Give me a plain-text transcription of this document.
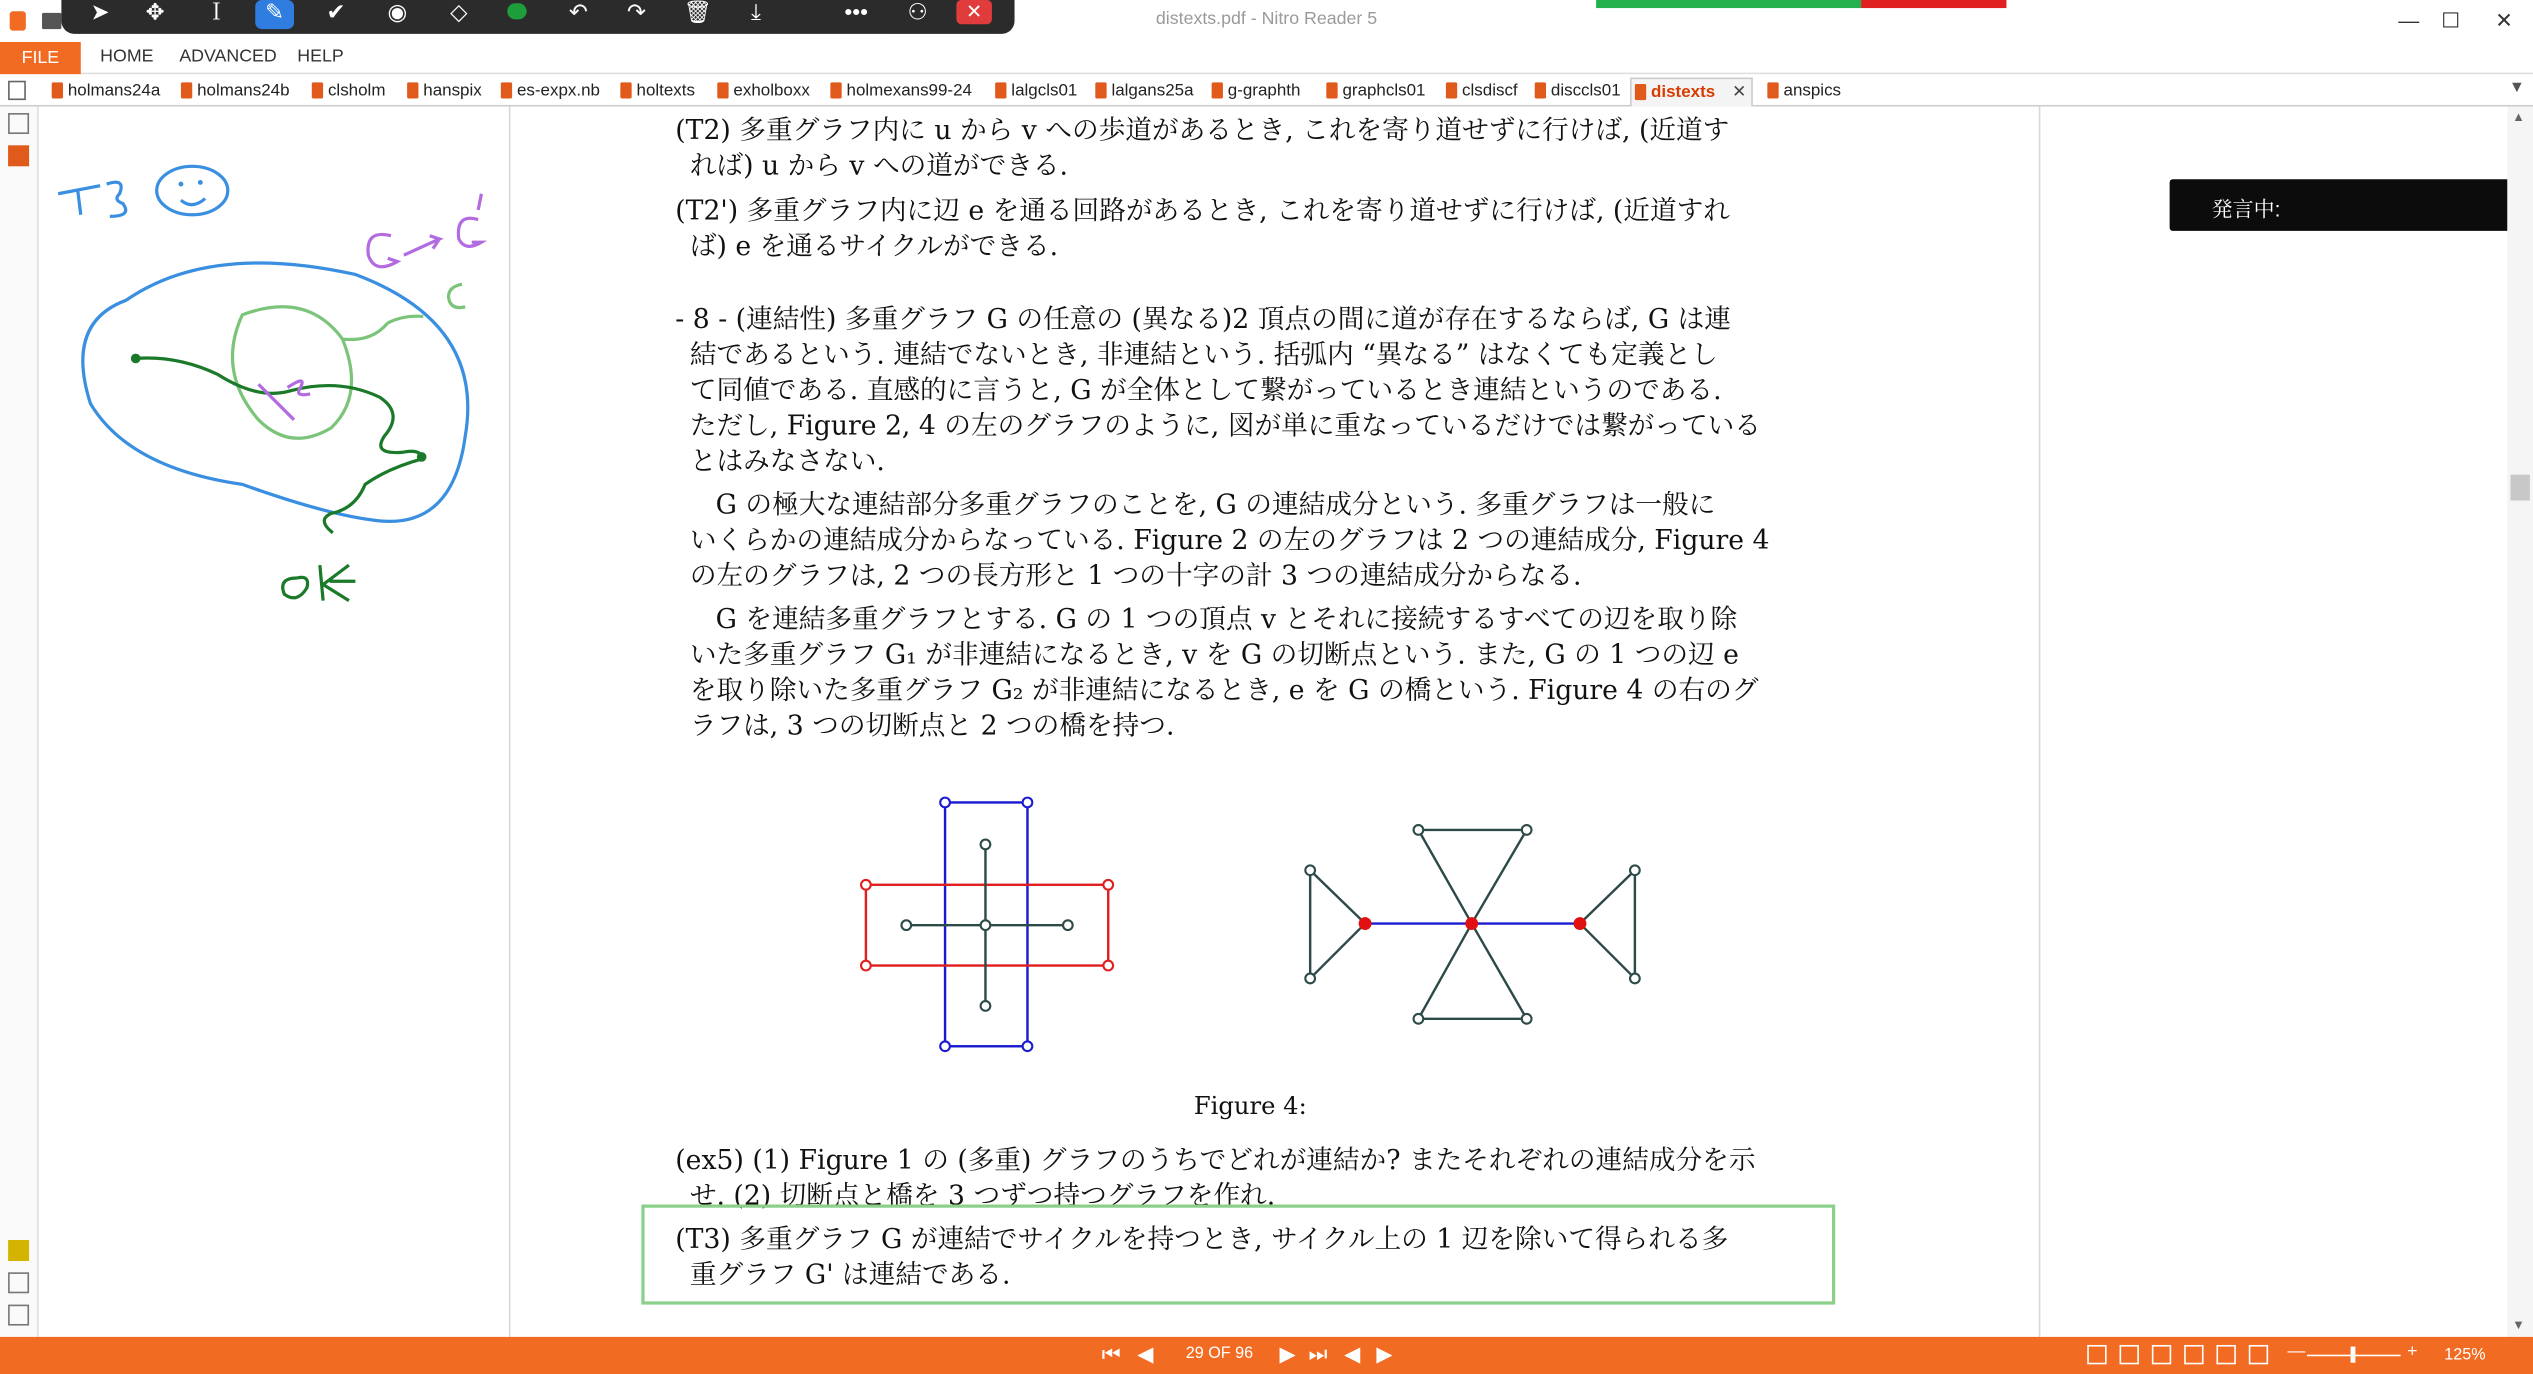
distexts.pdf - Nitro Reader 5	—	☐	✕
➤	✥	Ｉ	✎	✔	◉	◇	↶	↷	🗑	⤓	•••	⚇	✕
FILE	HOME ADVANCED HELP
holmans24a	holmans24b	clsholm	hanspix	es-expx.nb	holtexts	exholboxx	holmexans99-24	lalgcls01	lalgans25a	g-graphth	graphcls01	clsdiscf	disccls01	distexts ✕	anspics	▼
(T2) 多重グラフ内に u から v への歩道があるとき, これを寄り道せずに行けば, (近道す
れば) u から v への道ができる.
(T2') 多重グラフ内に辺 e を通る回路があるとき, これを寄り道せずに行けば, (近道すれ
ば) e を通るサイクルができる.
- 8 - (連結性) 多重グラフ G の任意の (異なる)2 頂点の間に道が存在するならば, G は連
結であるという. 連結でないとき, 非連結という. 括弧内 “異なる” はなくても定義とし
て同値である. 直感的に言うと, G が全体として繋がっているとき連結というのである.
ただし, Figure 2, 4 の左のグラフのように, 図が単に重なっているだけでは繋がっている
とはみなさない.
G の極大な連結部分多重グラフのことを, G の連結成分という. 多重グラフは一般に
いくらかの連結成分からなっている. Figure 2 の左のグラフは 2 つの連結成分, Figure 4
の左のグラフは, 2 つの長方形と 1 つの十字の計 3 つの連結成分からなる.
G を連結多重グラフとする. G の 1 つの頂点 v とそれに接続するすべての辺を取り除
いた多重グラフ G₁ が非連結になるとき, v を G の切断点という. また, G の 1 つの辺 e
を取り除いた多重グラフ G₂ が非連結になるとき, e を G の橋という. Figure 4 の右のグ
ラフは, 3 つの切断点と 2 つの橋を持つ.
Figure 4:
(ex5) (1) Figure 1 の (多重) グラフのうちでどれが連結か? またそれぞれの連結成分を示
せ. (2) 切断点と橋を 3 つずつ持つグラフを作れ.
(T3) 多重グラフ G が連結でサイクルを持つとき, サイクル上の 1 辺を除いて得られる多
重グラフ G' は連結である.
発言中:
▲
▼
⏮ ◀	29 OF 96 ▶ ⏭ ◀ ▶	—	+	125%
